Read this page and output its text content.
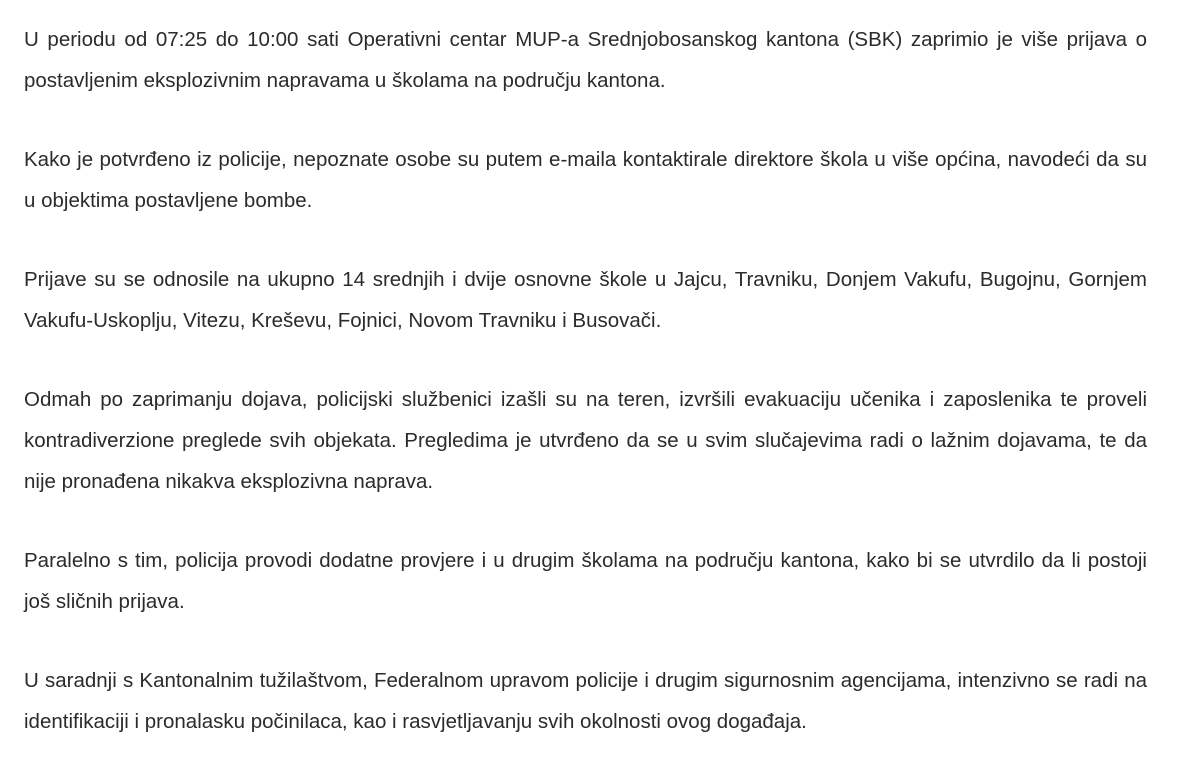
U periodu od 07:25 do 10:00 sati Operativni centar MUP-a Srednjobosanskog kantona (SBK) zaprimio je više prijava o postavljenim eksplozivnim napravama u školama na području kantona.

Kako je potvrđeno iz policije, nepoznate osobe su putem e-maila kontaktirale direktore škola u više općina, navodeći da su u objektima postavljene bombe.

Prijave su se odnosile na ukupno 14 srednjih i dvije osnovne škole u Jajcu, Travniku, Donjem Vakufu, Bugojnu, Gornjem Vakufu-Uskoplju, Vitezu, Kreševu, Fojnici, Novom Travniku i Busovači.

Odmah po zaprimanju dojava, policijski službenici izašli su na teren, izvršili evakuaciju učenika i zaposlenika te proveli kontradiverzione preglede svih objekata. Pregledima je utvrđeno da se u svim slučajevima radi o lažnim dojavama, te da nije pronađena nikakva eksplozivna naprava.

Paralelno s tim, policija provodi dodatne provjere i u drugim školama na području kantona, kako bi se utvrdilo da li postoji još sličnih prijava.

U saradnji s Kantonalnim tužilaštvom, Federalnom upravom policije i drugim sigurnosnim agencijama, intenzivno se radi na identifikaciji i pronalasku počinilaca, kao i rasvjetljavanju svih okolnosti ovog događaja.
